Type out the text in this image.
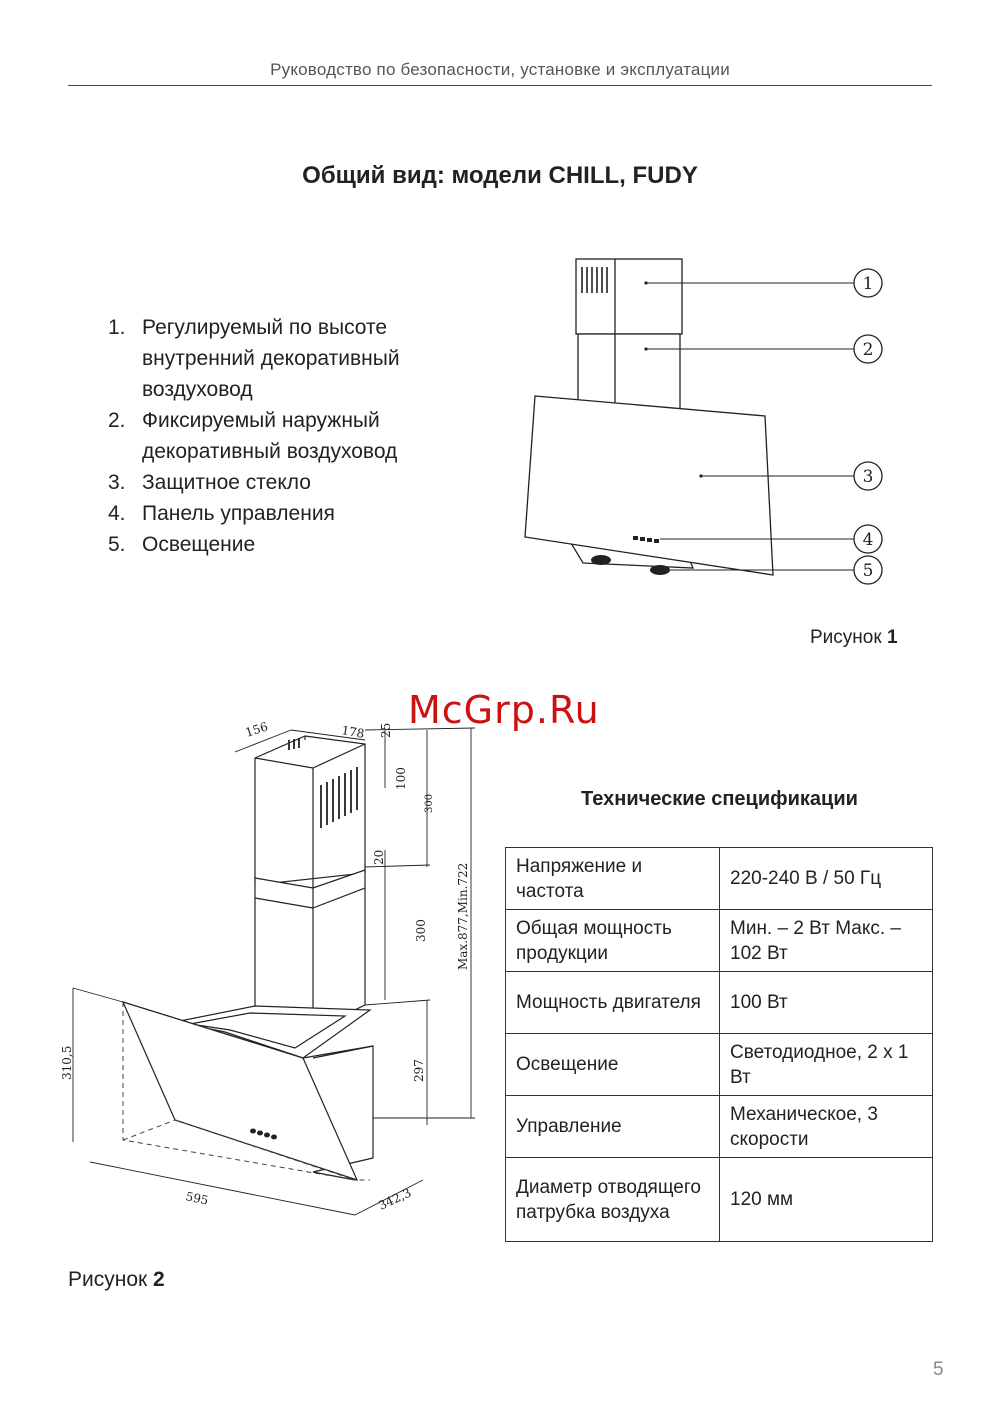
Руководство по безопасности, установке и эксплуатации
Общий вид: модели CHILL, FUDY
1. Регулируемый по высоте внутренний декоративный воздуховод
2. Фиксируемый наружный декоративный воздуховод
3. Защитное стекло
4. Панель управления
5. Освещение
1
2
3
4
5
Рисунок 1
156	178 25
100
300
20
300 Max.877,Min.722
297
310,5
595	342,3
McGrp.Ru
Рисунок 2
Технические спецификации
Напряжение и частота	220-240 В / 50 Гц
Общая мощность продукции	Мин. – 2 Вт Макс. – 102 Вт
Мощность двигателя	100 Вт
Освещение	Светодиодное, 2 х 1 Вт
Управление	Механическое, 3 скорости
Диаметр отводящего патрубка воздуха	120 мм
5
